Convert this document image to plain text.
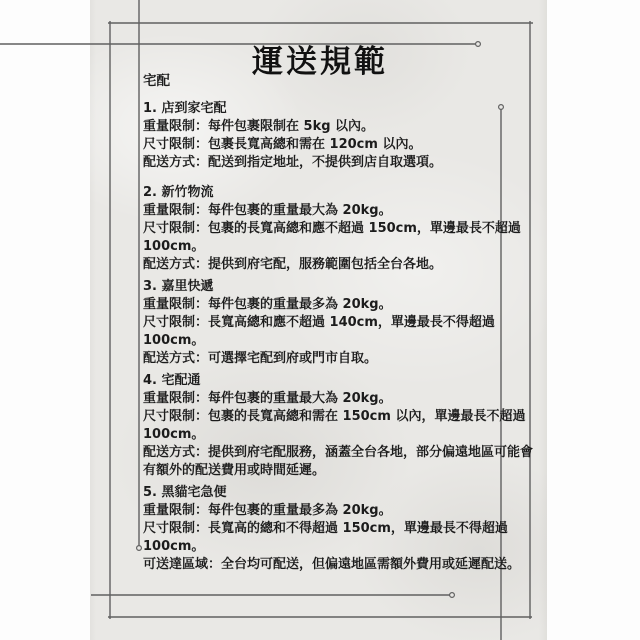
運送規範
宅配
1. 店到家宅配
重量限制：每件包裹限制在 5kg 以內。
尺寸限制：包裹長寬高總和需在 120cm 以內。
配送方式：配送到指定地址，不提供到店自取選項。
2. 新竹物流
重量限制：每件包裹的重量最大為 20kg。
尺寸限制：包裹的長寬高總和應不超過 150cm，單邊最長不超過
100cm。
配送方式：提供到府宅配，服務範圍包括全台各地。
3. 嘉里快遞
重量限制：每件包裹的重量最多為 20kg。
尺寸限制：長寬高總和應不超過 140cm，單邊最長不得超過
100cm。
配送方式：可選擇宅配到府或門市自取。
4. 宅配通
重量限制：每件包裹的重量最大為 20kg。
尺寸限制：包裹的長寬高總和需在 150cm 以內，單邊最長不超過
100cm。
配送方式：提供到府宅配服務，涵蓋全台各地，部分偏遠地區可能會
有額外的配送費用或時間延遲。
5. 黑貓宅急便
重量限制：每件包裹的重量最多為 20kg。
尺寸限制：長寬高的總和不得超過 150cm，單邊最長不得超過
100cm。
可送達區域：全台均可配送，但偏遠地區需額外費用或延遲配送。
